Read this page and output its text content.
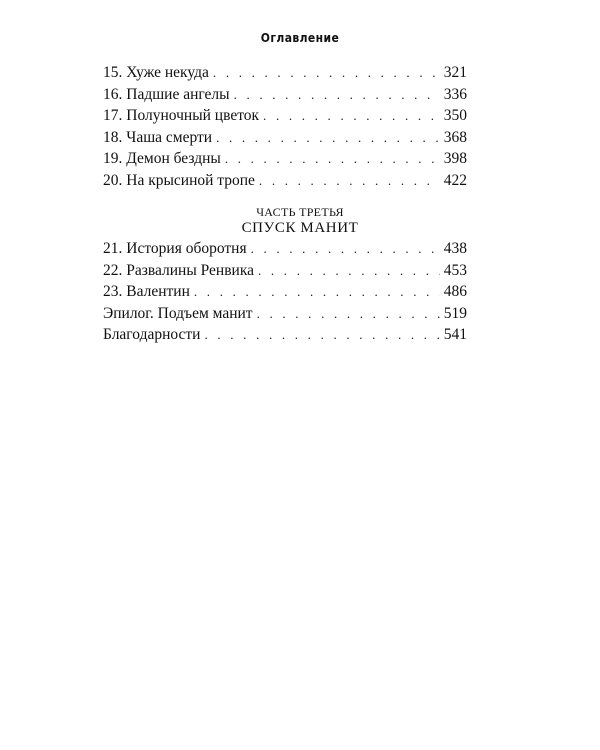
Оглавление
15. Хуже некуда . . .	321
16. Падшие ангелы . . .	336
17. Полуночный цветок . . .	350
18. Чаша смерти . . .	368
19. Демон бездны . . .	398
20. На крысиной тропе . . .	422
ЧАСТЬ ТРЕТЬЯ
СПУСК МАНИТ
21. История оборотня . . .	438
22. Развалины Ренвика . . .	453
23. Валентин . . .	486
Эпилог. Подъем манит . . .	519
Благодарности . . .	541
